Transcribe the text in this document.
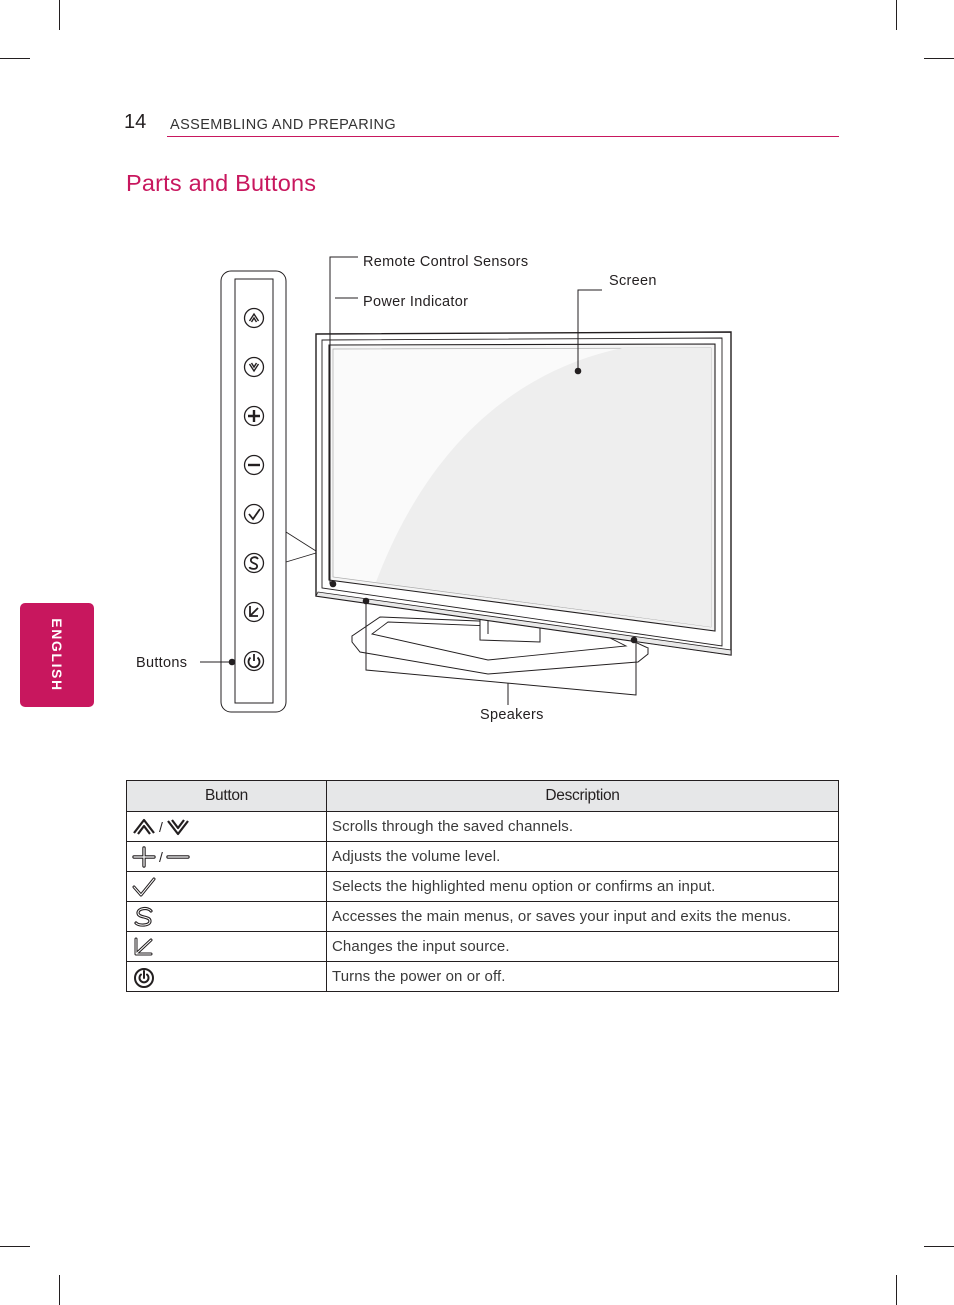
14 ASSEMBLING AND PREPARING
Parts and Buttons
ENGLISH
Remote Control Sensors
Power Indicator
Screen
Buttons
Speakers
Button	Description
/	Scrolls through the saved channels.
/	Adjusts the volume level.
	Selects the highlighted menu option or confirms an input.
	Accesses the main menus, or saves your input and exits the menus.
	Changes the input source.
	Turns the power on or off.
